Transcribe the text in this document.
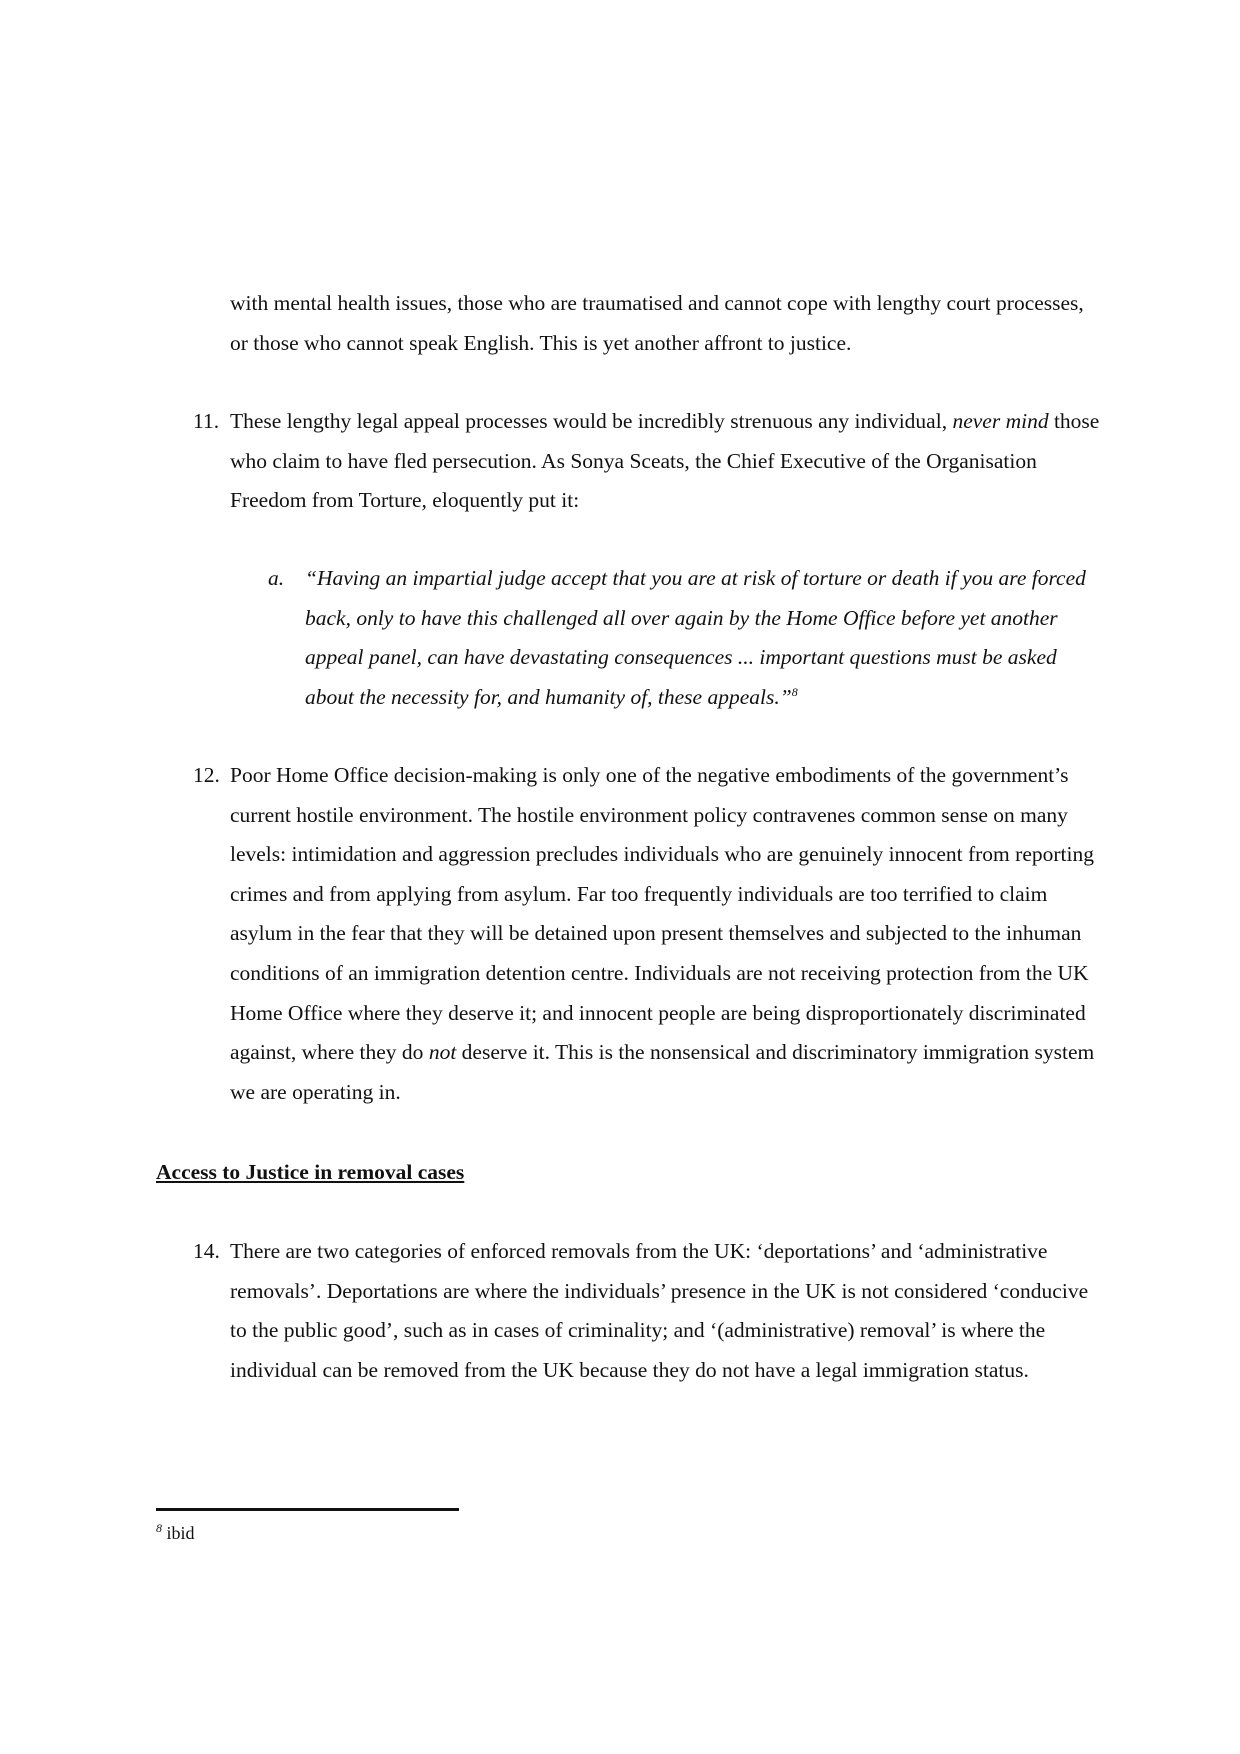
with mental health issues, those who are traumatised and cannot cope with lengthy court processes,
or those who cannot speak English. This is yet another affront to justice.
11. These lengthy legal appeal processes would be incredibly strenuous any individual, never mind those
who claim to have fled persecution. As Sonya Sceats, the Chief Executive of the Organisation
Freedom from Torture, eloquently put it:
a. “Having an impartial judge accept that you are at risk of torture or death if you are forced
back, only to have this challenged all over again by the Home Office before yet another
appeal panel, can have devastating consequences ... important questions must be asked
about the necessity for, and humanity of, these appeals.”$^8$
12. Poor Home Office decision-making is only one of the negative embodiments of the government’s
current hostile environment. The hostile environment policy contravenes common sense on many
levels: intimidation and aggression precludes individuals who are genuinely innocent from reporting
crimes and from applying from asylum. Far too frequently individuals are too terrified to claim
asylum in the fear that they will be detained upon present themselves and subjected to the inhuman
conditions of an immigration detention centre. Individuals are not receiving protection from the UK
Home Office where they deserve it; and innocent people are being disproportionately discriminated
against, where they do not deserve it. This is the nonsensical and discriminatory immigration system
we are operating in.
Access to Justice in removal cases
14. There are two categories of enforced removals from the UK: ‘deportations’ and ‘administrative
removals’. Deportations are where the individuals’ presence in the UK is not considered ‘conducive
to the public good’, such as in cases of criminality; and ‘(administrative) removal’ is where the
individual can be removed from the UK because they do not have a legal immigration status.
$^8$ ibid
